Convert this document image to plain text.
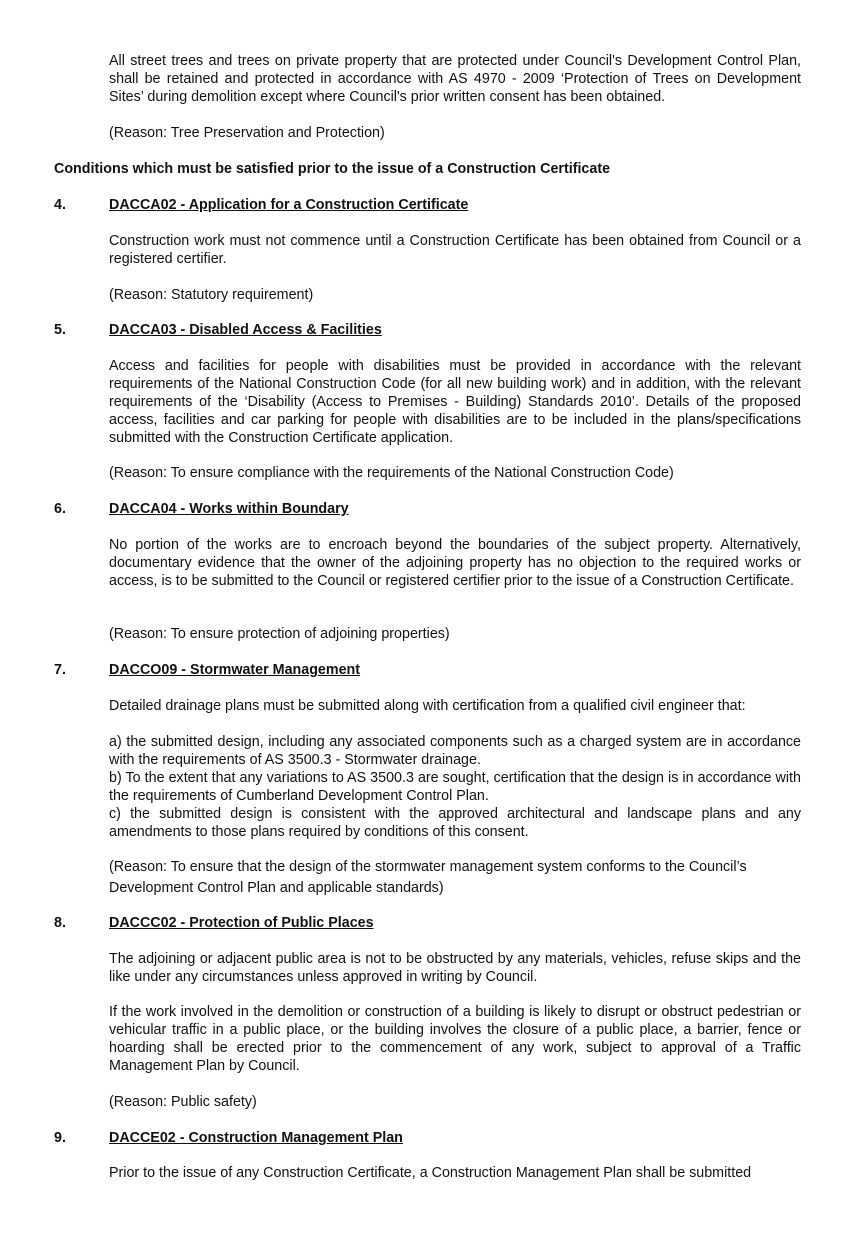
All street trees and trees on private property that are protected under Council's Development Control Plan, shall be retained and protected in accordance with AS 4970 - 2009 ‘Protection of Trees on Development Sites’ during demolition except where Council's prior written consent has been obtained.

(Reason: Tree Preservation and Protection)

Conditions which must be satisfied prior to the issue of a Construction Certificate

4.	DACCA02 - Application for a Construction Certificate

Construction work must not commence until a Construction Certificate has been obtained from Council or a registered certifier.

(Reason: Statutory requirement)

5.	DACCA03 - Disabled Access & Facilities

Access and facilities for people with disabilities must be provided in accordance with the relevant requirements of the National Construction Code (for all new building work) and in addition, with the relevant requirements of the ‘Disability (Access to Premises - Building) Standards 2010’. Details of the proposed access, facilities and car parking for people with disabilities are to be included in the plans/specifications submitted with the Construction Certificate application.

(Reason: To ensure compliance with the requirements of the National Construction Code)

6.	DACCA04 - Works within Boundary

No portion of the works are to encroach beyond the boundaries of the subject property. Alternatively, documentary evidence that the owner of the adjoining property has no objection to the required works or access, is to be submitted to the Council or registered certifier prior to the issue of a Construction Certificate.

(Reason: To ensure protection of adjoining properties)

7.	DACCO09 - Stormwater Management

Detailed drainage plans must be submitted along with certification from a qualified civil engineer that:

a) the submitted design, including any associated components such as a charged system are in accordance with the requirements of AS 3500.3 - Stormwater drainage.
b) To the extent that any variations to AS 3500.3 are sought, certification that the design is in accordance with the requirements of Cumberland Development Control Plan.
c) the submitted design is consistent with the approved architectural and landscape plans and any amendments to those plans required by conditions of this consent.
(Reason: To ensure that the design of the stormwater management system conforms to the Council’s
Development Control Plan and applicable standards)
8.	DACCC02 - Protection of Public Places

The adjoining or adjacent public area is not to be obstructed by any materials, vehicles, refuse skips and the like under any circumstances unless approved in writing by Council.

If the work involved in the demolition or construction of a building is likely to disrupt or obstruct pedestrian or vehicular traffic in a public place, or the building involves the closure of a public place, a barrier, fence or hoarding shall be erected prior to the commencement of any work, subject to approval of a Traffic Management Plan by Council.

(Reason: Public safety)

9.	DACCE02 - Construction Management Plan

Prior to the issue of any Construction Certificate, a Construction Management Plan shall be submitted
